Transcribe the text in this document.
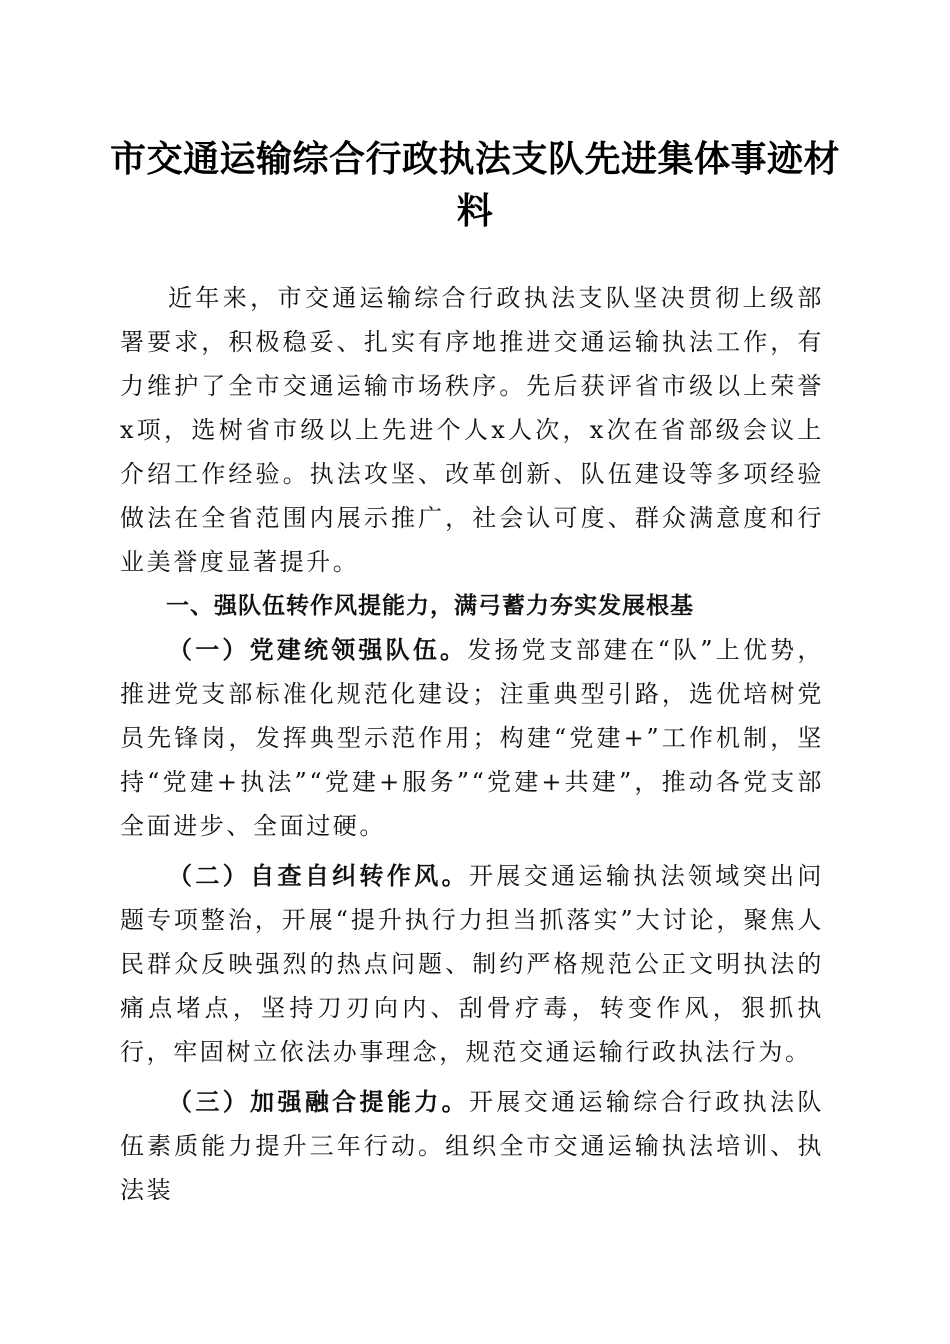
市交通运输综合行政执法支队先进集体事迹材料

近年来，市交通运输综合行政执法支队坚决贯彻上级部署要求，积极稳妥、扎实有序地推进交通运输执法工作，有力维护了全市交通运输市场秩序。先后获评省市级以上荣誉x项，选树省市级以上先进个人x人次，x次在省部级会议上介绍工作经验。执法攻坚、改革创新、队伍建设等多项经验做法在全省范围内展示推广，社会认可度、群众满意度和行业美誉度显著提升。

一、强队伍转作风提能力，满弓蓄力夯实发展根基

（一）党建统领强队伍。发扬党支部建在“队”上优势，推进党支部标准化规范化建设；注重典型引路，选优培树党员先锋岗，发挥典型示范作用；构建“党建+”工作机制，坚持“党建+执法”“党建+服务”“党建+共建”，推动各党支部全面进步、全面过硬。

（二）自查自纠转作风。开展交通运输执法领域突出问题专项整治，开展“提升执行力担当抓落实”大讨论，聚焦人民群众反映强烈的热点问题、制约严格规范公正文明执法的痛点堵点，坚持刀刃向内、刮骨疗毒，转变作风，狠抓执行，牢固树立依法办事理念，规范交通运输行政执法行为。

（三）加强融合提能力。开展交通运输综合行政执法队伍素质能力提升三年行动。组织全市交通运输执法培训、执法装
